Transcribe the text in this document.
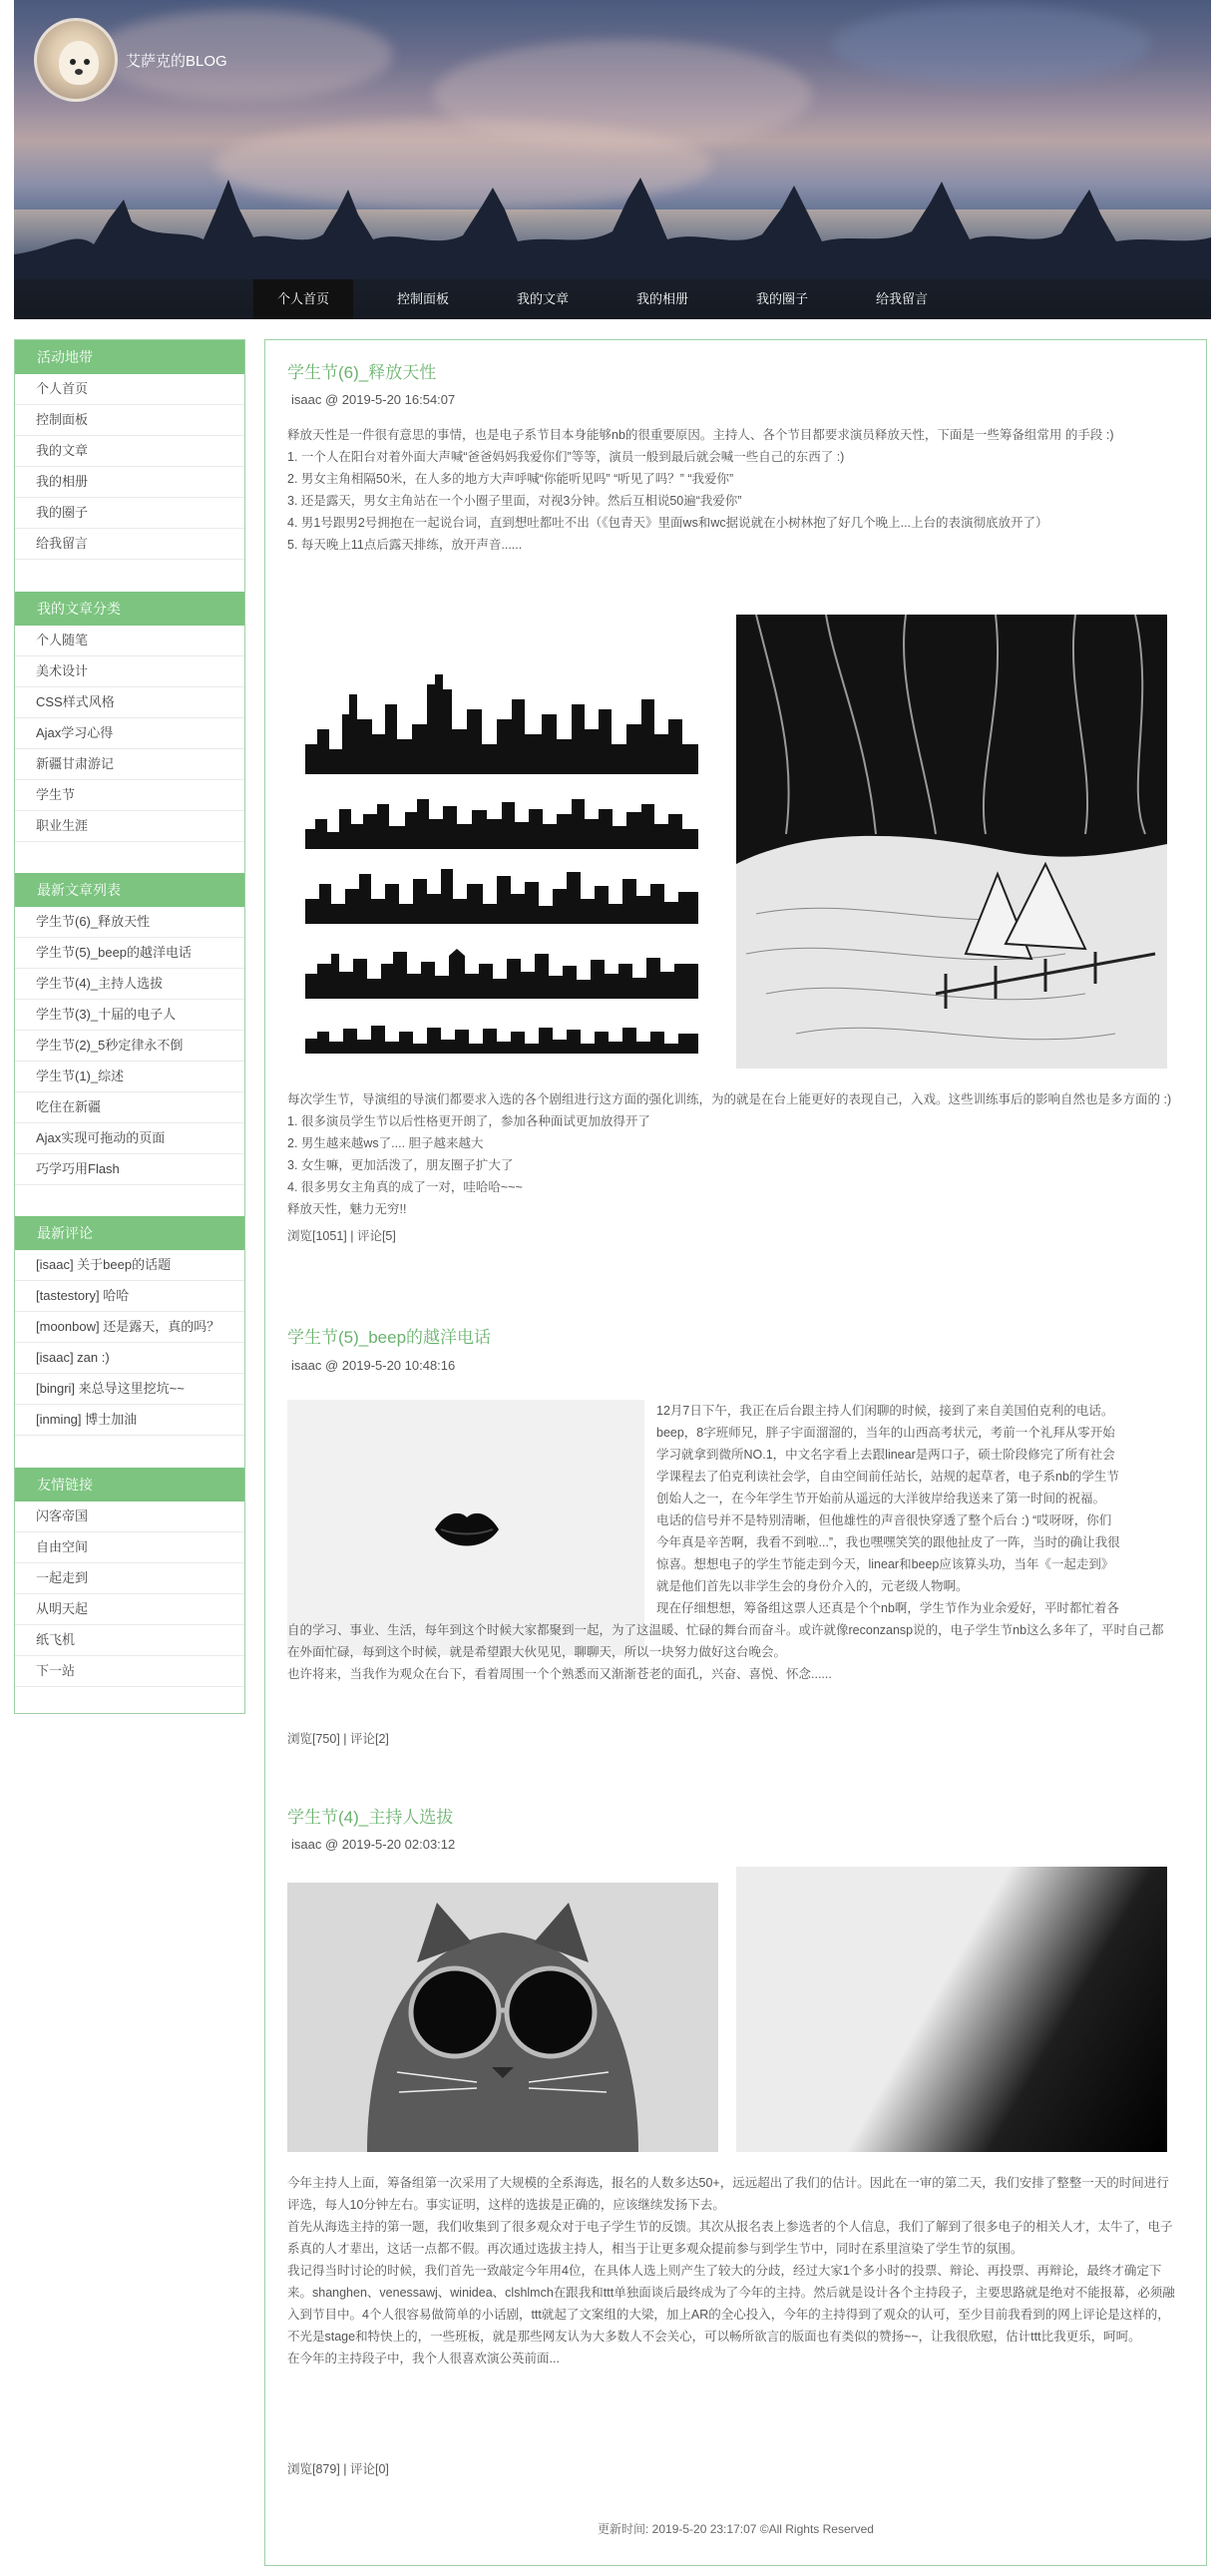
艾萨克的BLOG
个人首页	控制面板	我的文章	我的相册	我的圈子	给我留言
活动地带
个人首页
控制面板
我的文章
我的相册
我的圈子
给我留言
我的文章分类
个人随笔
美术设计
CSS样式风格
Ajax学习心得
新疆甘肃游记
学生节
职业生涯
最新文章列表
学生节(6)_释放天性
学生节(5)_beep的越洋电话
学生节(4)_主持人选拔
学生节(3)_十届的电子人
学生节(2)_5秒定律永不倒
学生节(1)_综述
吃住在新疆
Ajax实现可拖动的页面
巧学巧用Flash
最新评论
[isaac] 关于beep的话题
[tastestory] 哈哈
[moonbow] 还是露天，真的吗？
[isaac] zan :)
[bingri] 来总导这里挖坑~~
[inming] 博士加油
友情链接
闪客帝国
自由空间
一起走到
从明天起
纸飞机
下一站
学生节(6)_释放天性
isaac @ 2019-5-20 16:54:07

释放天性是一件很有意思的事情，也是电子系节目本身能够nb的很重要原因。主持人、各个节目都要求演员释放天性，下面是一些筹备组常用 的手段 :)

1. 一个人在阳台对着外面大声喊“爸爸妈妈我爱你们”等等，演员一般到最后就会喊一些自己的东西了 :)

2. 男女主角相隔50米，在人多的地方大声呼喊“你能听见吗” “听见了吗？” “我爱你”

3. 还是露天，男女主角站在一个小圈子里面，对视3分钟。然后互相说50遍“我爱你”

4. 男1号跟男2号拥抱在一起说台词，直到想吐都吐不出（《包青天》里面ws和wc据说就在小树林抱了好几个晚上...上台的表演彻底放开了）

5. 每天晚上11点后露天排练，放开声音......

每次学生节，导演组的导演们都要求入选的各个剧组进行这方面的强化训练，为的就是在台上能更好的表现自己，入戏。这些训练事后的影响自然也是多方面的 :)

1. 很多演员学生节以后性格更开朗了，参加各种面试更加放得开了

2. 男生越来越ws了.... 胆子越来越大

3. 女生嘛，更加活泼了，朋友圈子扩大了

4. 很多男女主角真的成了一对，哇哈哈~~~

释放天性，魅力无穷!!

浏览[1051] | 评论[5]
学生节(5)_beep的越洋电话
isaac @ 2019-5-20 10:48:16

12月7日下午，我正在后台跟主持人们闲聊的时候，接到了来自美国伯克利的电话。

beep，8字班师兄，胖子宇面溜溜的，当年的山西高考状元，考前一个礼拜从零开始

学习就拿到微所NO.1，中文名字看上去跟linear是两口子，硕士阶段修完了所有社会

学课程去了伯克利读社会学，自由空间前任站长，站规的起草者，电子系nb的学生节

创始人之一，在今年学生节开始前从遥远的大洋彼岸给我送来了第一时间的祝福。

电话的信号并不是特别清晰，但他雄性的声音很快穿透了整个后台 :) “哎呀呀，你们

今年真是辛苦啊，我看不到啦...”，我也嘿嘿笑笑的跟他扯皮了一阵，当时的确让我很

惊喜。想想电子的学生节能走到今天，linear和beep应该算头功，当年《一起走到》

就是他们首先以非学生会的身份介入的，元老级人物啊。

现在仔细想想，筹备组这票人还真是个个nb啊，学生节作为业余爱好，平时都忙着各

自的学习、事业、生活，每年到这个时候大家都聚到一起，为了这温暖、忙碌的舞台而奋斗。或许就像reconzansp说的，电子学生节nb这么多年了，平时自己都在外面忙碌，每到这个时候，就是希望跟大伙见见，聊聊天，所以一块努力做好这台晚会。

也许将来，当我作为观众在台下，看着周围一个个熟悉而又渐渐苍老的面孔，兴奋、喜悦、怀念......

浏览[750] | 评论[2]
学生节(4)_主持人选拔
isaac @ 2019-5-20 02:03:12

今年主持人上面，筹备组第一次采用了大规模的全系海选，报名的人数多达50+，远远超出了我们的估计。因此在一审的第二天，我们安排了整整一天的时间进行评选，每人10分钟左右。事实证明，这样的选拔是正确的，应该继续发扬下去。

首先从海选主持的第一题，我们收集到了很多观众对于电子学生节的反馈。其次从报名表上参选者的个人信息，我们了解到了很多电子的相关人才，太牛了，电子系真的人才辈出，这话一点都不假。再次通过选拔主持人，相当于让更多观众提前参与到学生节中，同时在系里渲染了学生节的氛围。

我记得当时讨论的时候，我们首先一致敲定今年用4位，在具体人选上则产生了较大的分歧，经过大家1个多小时的投票、辩论、再投票、再辩论，最终才确定下来。shanghen、venessawj、winidea、clshlmch在跟我和ttt单独面谈后最终成为了今年的主持。然后就是设计各个主持段子，主要思路就是绝对不能报幕，必须融入到节目中。4个人很容易做简单的小话剧，ttt就起了文案组的大梁，加上AR的全心投入，今年的主持得到了观众的认可，至少目前我看到的网上评论是这样的，不光是stage和特快上的，一些班板，就是那些网友认为大多数人不会关心，可以畅所欲言的版面也有类似的赞扬~~，让我很欣慰，估计ttt比我更乐，呵呵。

在今年的主持段子中，我个人很喜欢演公英前面...

浏览[879] | 评论[0]
更新时间: 2019-5-20 23:17:07 ©All Rights Reserved
